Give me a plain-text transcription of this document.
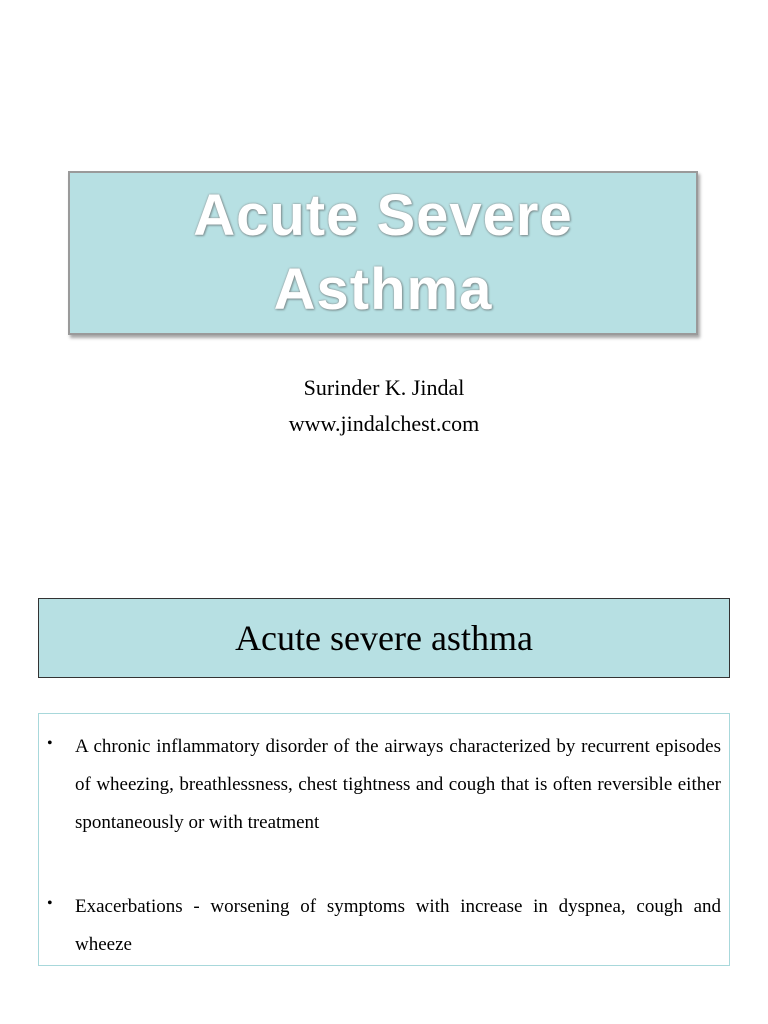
Acute Severe
Asthma
Surinder K. Jindal
www.jindalchest.com
Acute severe asthma
• A chronic inflammatory disorder of the airways characterized by recurrent episodes of wheezing, breathlessness, chest tightness and cough that is often reversible either spontaneously or with treatment
• Exacerbations - worsening of symptoms with increase in dyspnea, cough and wheeze
